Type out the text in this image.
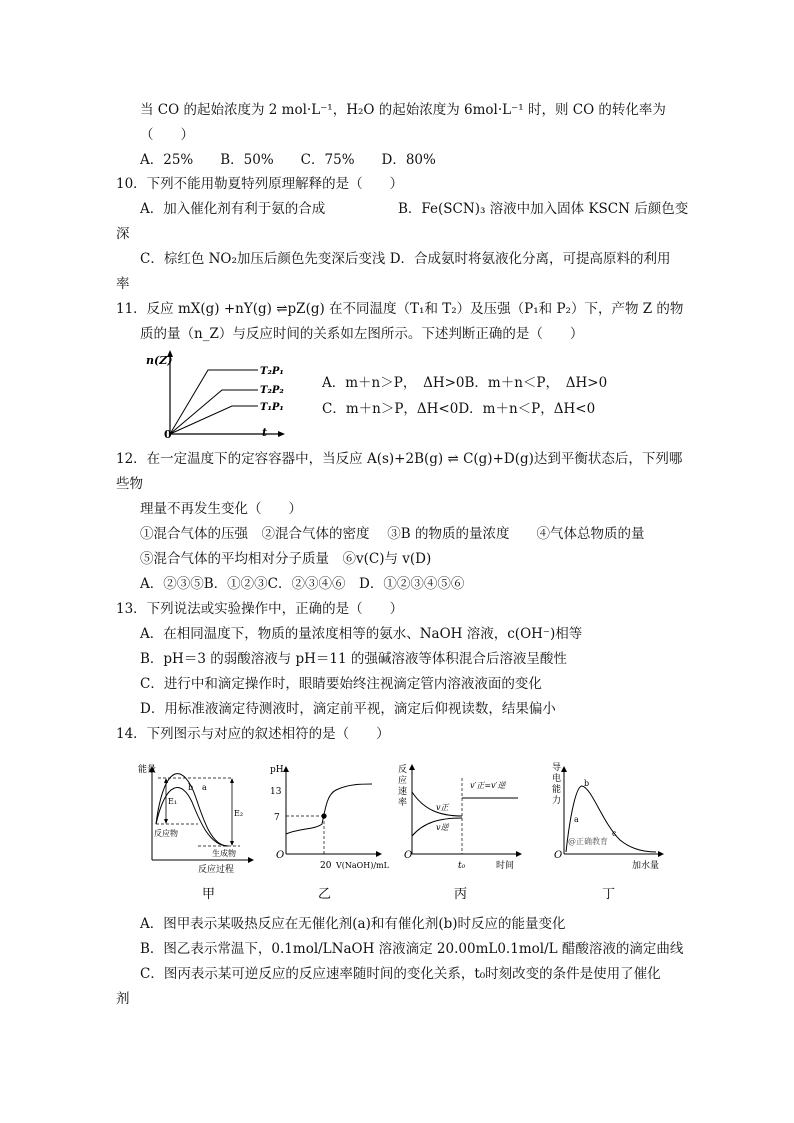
当 CO 的起始浓度为 2 mol·L⁻¹，H₂O 的起始浓度为 6mol·L⁻¹ 时，则 CO 的转化率为
（　　）
A．25%　　B．50%　　C．75%　　D．80%
10．下列不能用勒夏特列原理解释的是（　　）
A．加入催化剂有利于氨的合成	B．Fe(SCN)₃ 溶液中加入固体 KSCN 后颜色变
深
C．棕红色 NO₂加压后颜色先变深后变浅 D．合成氨时将氨液化分离，可提高原料的利用
率
11．反应 mX(g) +nY(g) ⇌pZ(g) 在不同温度（T₁和 T₂）及压强（P₁和 P₂）下，产物 Z 的物
质的量（n_Z）与反应时间的关系如左图所示。下述判断正确的是（　　）
n(Z)
t
0
T₂P₁
T₂P₂
T₁P₁
A．m＋n＞P，　ΔH>0B．m＋n＜P，　ΔH>0
C．m＋n＞P，ΔH<0D．m＋n＜P，ΔH<0
12．在一定温度下的定容容器中，当反应 A(s)+2B(g) ⇌ C(g)+D(g)达到平衡状态后，下列哪
些物
理量不再发生变化（　　）
①混合气体的压强　②混合气体的密度　 ③B 的物质的量浓度　　④气体总物质的量
⑤混合气体的平均相对分子质量　⑥v(C)与 v(D)
A．②③⑤B．①②③C．②③④⑥　D．①②③④⑤⑥
13．下列说法或实验操作中，正确的是（　　）
A．在相同温度下，物质的量浓度相等的氨水、NaOH 溶液，c(OH⁻)相等
B．pH＝3 的弱酸溶液与 pH＝11 的强碱溶液等体积混合后溶液呈酸性
C．进行中和滴定操作时，眼睛要始终注视滴定管内溶液液面的变化
D．用标准液滴定待测液时，滴定前平视，滴定后仰视读数，结果偏小
14．下列图示与对应的叙述相符的是（　　）
能量
反应过程
E₁
E₂
a
b
反应物
生成物
甲
pH
13
7
O
20 V(NaOH)/mL
乙
反
应
速
率
O
v正
v逆
v′正=v′逆
t₀	时间
丙
导
电
能
力
O
a
b
c
@正确教育
加水量
丁
A．图甲表示某吸热反应在无催化剂(a)和有催化剂(b)时反应的能量变化
B．图乙表示常温下，0.1mol/LNaOH 溶液滴定 20.00mL0.1mol/L 醋酸溶液的滴定曲线
C．图丙表示某可逆反应的反应速率随时间的变化关系，t₀时刻改变的条件是使用了催化
剂
